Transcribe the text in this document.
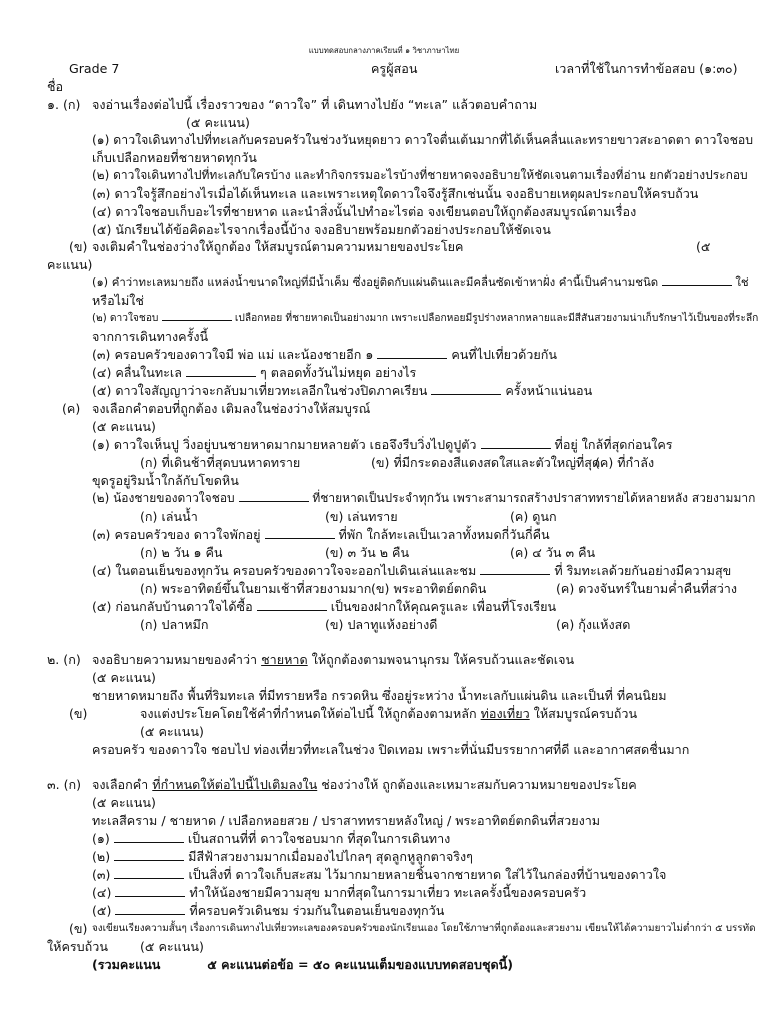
แบบทดสอบกลางภาคเรียนที่ ๑ วิชาภาษาไทย
Grade 7	ครูผู้สอน	เวลาที่ใช้ในการทำข้อสอบ (๑:๓๐)
ชื่อ
๑. (ก) จงอ่านเรื่องต่อไปนี้ เรื่องราวของ “ดาวใจ” ที่ เดินทางไปยัง “ทะเล” แล้วตอบคำถาม
(๕ คะแนน)
(๑) ดาวใจเดินทางไปที่ทะเลกับครอบครัวในช่วงวันหยุดยาว ดาวใจตื่นเต้นมากที่ได้เห็นคลื่นและทรายขาวสะอาดตา ดาวใจชอบ
เก็บเปลือกหอยที่ชายหาดทุกวัน
(๒) ดาวใจเดินทางไปที่ทะเลกับใครบ้าง และทำกิจกรรมอะไรบ้างที่ชายหาดจงอธิบายให้ชัดเจนตามเรื่องที่อ่าน ยกตัวอย่างประกอบ
(๓) ดาวใจรู้สึกอย่างไรเมื่อได้เห็นทะเล และเพราะเหตุใดดาวใจจึงรู้สึกเช่นนั้น จงอธิบายเหตุผลประกอบให้ครบถ้วน
(๔) ดาวใจชอบเก็บอะไรที่ชายหาด และนำสิ่งนั้นไปทำอะไรต่อ จงเขียนตอบให้ถูกต้องสมบูรณ์ตามเรื่อง
(๕) นักเรียนได้ข้อคิดอะไรจากเรื่องนี้บ้าง จงอธิบายพร้อมยกตัวอย่างประกอบให้ชัดเจน
(ข) จงเติมคำในช่องว่างให้ถูกต้อง ให้สมบูรณ์ตามความหมายของประโยค	(๕
คะแนน)
(๑) คำว่าทะเลหมายถึง แหล่งน้ำขนาดใหญ่ที่มีน้ำเค็ม ซึ่งอยู่ติดกับแผ่นดินและมีคลื่นซัดเข้าหาฝั่ง คำนี้เป็นคำนามชนิด	ใช่
หรือไม่ใช่
(๒) ดาวใจชอบ	เปลือกหอย ที่ชายหาดเป็นอย่างมาก เพราะเปลือกหอยมีรูปร่างหลากหลายและมีสีสันสวยงามน่าเก็บรักษาไว้เป็นของที่ระลึก
จากการเดินทางครั้งนี้
(๓) ครอบครัวของดาวใจมี พ่อ แม่ และน้องชายอีก ๑	คนที่ไปเที่ยวด้วยกัน
(๔) คลื่นในทะเล	ๆ ตลอดทั้งวันไม่หยุด อย่างไร
(๕) ดาวใจสัญญาว่าจะกลับมาเที่ยวทะเลอีกในช่วงปิดภาคเรียน	ครั้งหน้าแน่นอน
(ค) จงเลือกคำตอบที่ถูกต้อง เติมลงในช่องว่างให้สมบูรณ์
(๕ คะแนน)
(๑) ดาวใจเห็นปู วิ่งอยู่บนชายหาดมากมายหลายตัว เธอจึงรีบวิ่งไปดูปูตัว	ที่อยู่ ใกล้ที่สุดก่อนใคร
(ก) ที่เดินช้าที่สุดบนหาดทราย	(ข) ที่มีกระดองสีแดงสดใสและตัวใหญ่ที่สุด
(ค) ที่กำลัง
ขุดรูอยู่ริมน้ำใกล้กับโขดหิน
(๒) น้องชายของดาวใจชอบ	ที่ชายหาดเป็นประจำทุกวัน เพราะสามารถสร้างปราสาททรายได้หลายหลัง สวยงามมาก
(ก) เล่นน้ำ	(ข) เล่นทราย	(ค) ดูนก
(๓) ครอบครัวของ ดาวใจพักอยู่	ที่พัก ใกล้ทะเลเป็นเวลาทั้งหมดกี่วันกี่คืน
(ก) ๒ วัน ๑ คืน	(ข) ๓ วัน ๒ คืน	(ค) ๔ วัน ๓ คืน
(๔) ในตอนเย็นของทุกวัน ครอบครัวของดาวใจจะออกไปเดินเล่นและชม	ที่ ริมทะเลด้วยกันอย่างมีความสุข
(ก) พระอาทิตย์ขึ้นในยามเช้าที่สวยงามมาก (ข) พระอาทิตย์ตกดิน	(ค) ดวงจันทร์ในยามค่ำคืนที่สว่าง
(๕) ก่อนกลับบ้านดาวใจได้ซื้อ	เป็นของฝากให้คุณครูและ เพื่อนที่โรงเรียน
(ก) ปลาหมึก	(ข) ปลาทูแห้งอย่างดี	(ค) กุ้งแห้งสด
๒. (ก) จงอธิบายความหมายของคำว่า ชายหาด ให้ถูกต้องตามพจนานุกรม ให้ครบถ้วนและชัดเจน
(๕ คะแนน)
ชายหาดหมายถึง พื้นที่ริมทะเล ที่มีทรายหรือ กรวดหิน ซึ่งอยู่ระหว่าง น้ำทะเลกับแผ่นดิน และเป็นที่ ที่คนนิยม
(ข)	จงแต่งประโยคโดยใช้คำที่กำหนดให้ต่อไปนี้ ให้ถูกต้องตามหลัก ท่องเที่ยว ให้สมบูรณ์ครบถ้วน
(๕ คะแนน)
ครอบครัว ของดาวใจ ชอบไป ท่องเที่ยวที่ทะเลในช่วง ปิดเทอม เพราะที่นั่นมีบรรยากาศที่ดี และอากาศสดชื่นมาก
๓. (ก) จงเลือกคำ ที่กำหนดให้ต่อไปนี้ไปเติมลงใน ช่องว่างให้ ถูกต้องและเหมาะสมกับความหมายของประโยค
(๕ คะแนน)
ทะเลสีคราม / ชายหาด / เปลือกหอยสวย / ปราสาททรายหลังใหญ่ / พระอาทิตย์ตกดินที่สวยงาม
(๑)	เป็นสถานที่ที่ ดาวใจชอบมาก ที่สุดในการเดินทาง
(๒)	มีสีฟ้าสวยงามมากเมื่อมองไปไกลๆ สุดลูกหูลูกตาจริงๆ
(๓)	เป็นสิ่งที่ ดาวใจเก็บสะสม ไว้มากมายหลายชิ้นจากชายหาด ใส่ไว้ในกล่องที่บ้านของดาวใจ
(๔)	ทำให้น้องชายมีความสุข มากที่สุดในการมาเที่ยว ทะเลครั้งนี้ของครอบครัว
(๕)	ที่ครอบครัวเดินชม ร่วมกันในตอนเย็นของทุกวัน
(ข) จงเขียนเรียงความสั้นๆ เรื่องการเดินทางไปเที่ยวทะเลของครอบครัวของนักเรียนเอง โดยใช้ภาษาที่ถูกต้องและสวยงาม เขียนให้ได้ความยาวไม่ต่ำกว่า ๕ บรรทัด
ให้ครบถ้วน	(๕ คะแนน)
(รวมคะแนน	๕ คะแนนต่อข้อ = ๕๐ คะแนนเต็มของแบบทดสอบชุดนี้)
